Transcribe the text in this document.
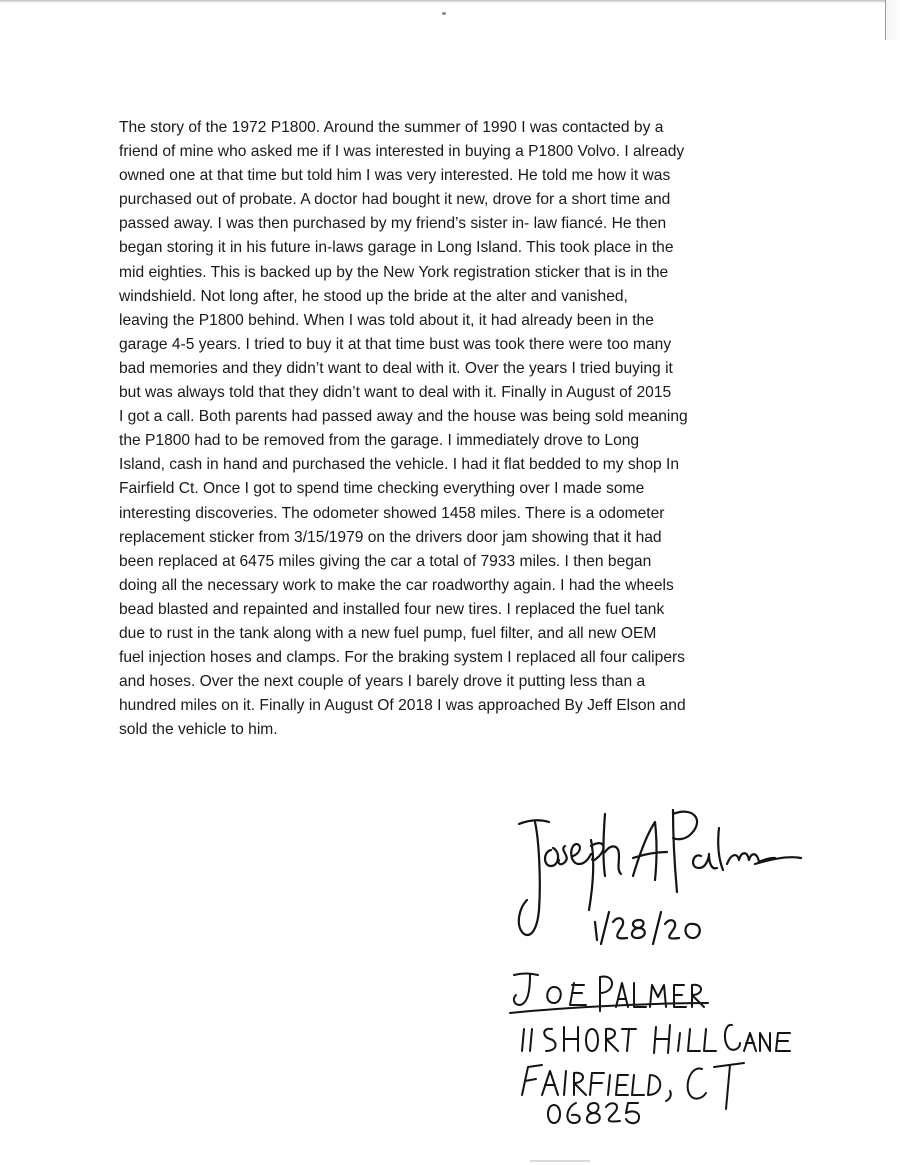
The story of the 1972 P1800. Around the summer of 1990 I was contacted by a
friend of mine who asked me if I was interested in buying a P1800 Volvo. I already
owned one at that time but told him I was very interested. He told me how it was
purchased out of probate. A doctor had bought it new, drove for a short time and
passed away. I was then purchased by my friend’s sister in- law fiancé. He then
began storing it in his future in-laws garage in Long Island. This took place in the
mid eighties. This is backed up by the New York registration sticker that is in the
windshield. Not long after, he stood up the bride at the alter and vanished,
leaving the P1800 behind. When I was told about it, it had already been in the
garage 4-5 years. I tried to buy it at that time bust was took there were too many
bad memories and they didn’t want to deal with it. Over the years I tried buying it
but was always told that they didn’t want to deal with it. Finally in August of 2015
I got a call. Both parents had passed away and the house was being sold meaning
the P1800 had to be removed from the garage. I immediately drove to Long
Island, cash in hand and purchased the vehicle. I had it flat bedded to my shop In
Fairfield Ct. Once I got to spend time checking everything over I made some
interesting discoveries. The odometer showed 1458 miles. There is a odometer
replacement sticker from 3/15/1979 on the drivers door jam showing that it had
been replaced at 6475 miles giving the car a total of 7933 miles. I then began
doing all the necessary work to make the car roadworthy again. I had the wheels
bead blasted and repainted and installed four new tires. I replaced the fuel tank
due to rust in the tank along with a new fuel pump, fuel filter, and all new OEM
fuel injection hoses and clamps. For the braking system I replaced all four calipers
and hoses. Over the next couple of years I barely drove it putting less than a
hundred miles on it. Finally in August Of 2018 I was approached By Jeff Elson and
sold the vehicle to him.
